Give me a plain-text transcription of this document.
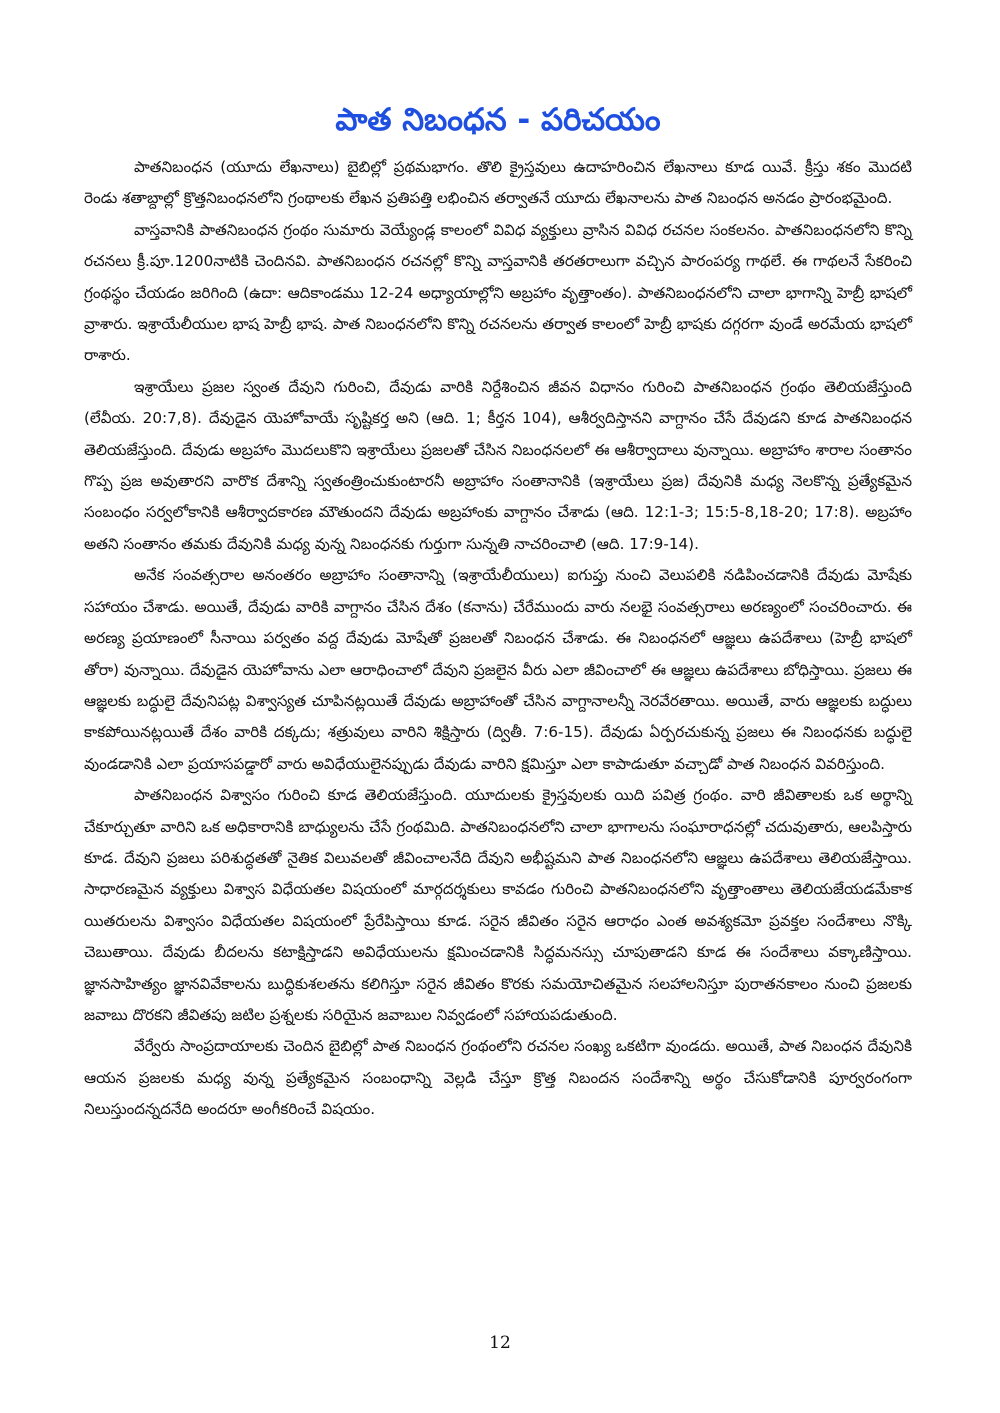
పాత నిబంధన - పరిచయం

పాతనిబంధన (యూదు లేఖనాలు) బైబిల్లో ప్రథమభాగం. తొలి క్రైస్తవులు ఉదాహరించిన లేఖనాలు కూడ యివే. క్రీస్తు శకం మొదటి రెండు శతాబ్దాల్లో క్రొత్తనిబంధనలోని గ్రంథాలకు లేఖన ప్రతిపత్తి లభించిన తర్వాతనే యూదు లేఖనాలను పాత నిబంధన అనడం ప్రారంభమైంది.

వాస్తవానికి పాతనిబంధన గ్రంథం సుమారు వెయ్యేండ్ల కాలంలో వివిధ వ్యక్తులు వ్రాసిన వివిధ రచనల సంకలనం. పాతనిబంధనలోని కొన్ని రచనలు క్రీ.పూ.1200నాటికి చెందినవి. పాతనిబంధన రచనల్లో కొన్ని వాస్తవానికి తరతరాలుగా వచ్చిన పారంపర్య గాథలే. ఈ గాథలనే సేకరించి గ్రంథస్థం చేయడం జరిగింది (ఉదా: ఆదికాండము 12-24 అధ్యాయాల్లోని అబ్రహాం వృత్తాంతం). పాతనిబంధనలోని చాలా భాగాన్ని హెబ్రీ భాషలో వ్రాశారు. ఇశ్రాయేలీయుల భాష హెబ్రీ భాష. పాత నిబంధనలోని కొన్ని రచనలను తర్వాత కాలంలో హెబ్రీ భాషకు దగ్గరగా వుండే అరమేయ భాషలో రాశారు.

ఇశ్రాయేలు ప్రజల స్వంత దేవుని గురించి, దేవుడు వారికి నిర్దేశించిన జీవన విధానం గురించి పాతనిబంధన గ్రంథం తెలియజేస్తుంది (లేవీయ. 20:7,8). దేవుడైన యెహోవాయే సృష్టికర్త అని (ఆది. 1; కీర్తన 104), ఆశీర్వదిస్తానని వాగ్దానం చేసే దేవుడని కూడ పాతనిబంధన తెలియజేస్తుంది. దేవుడు అబ్రహాం మొదలుకొని ఇశ్రాయేలు ప్రజలతో చేసిన నిబంధనలలో ఈ ఆశీర్వాదాలు వున్నాయి. అబ్రాహాం శారాల సంతానం గొప్ప ప్రజ అవుతారని వారొక దేశాన్ని స్వతంత్రించుకుంటారనీ అబ్రాహాం సంతానానికి (ఇశ్రాయేలు ప్రజ) దేవునికి మధ్య నెలకొన్న ప్రత్యేకమైన సంబంధం సర్వలోకానికి ఆశీర్వాదకారణ మౌతుందని దేవుడు అబ్రహాంకు వాగ్దానం చేశాడు (ఆది. 12:1-3; 15:5-8,18-20; 17:8). అబ్రహాం అతని సంతానం తమకు దేవునికి మధ్య వున్న నిబంధనకు గుర్తుగా సున్నతి నాచరించాలి (ఆది. 17:9-14).

అనేక సంవత్సరాల అనంతరం అబ్రాహాం సంతానాన్ని (ఇశ్రాయేలీయులు) ఐగుప్తు నుంచి వెలుపలికి నడిపించడానికి దేవుడు మోషేకు సహాయం చేశాడు. అయితే, దేవుడు వారికి వాగ్దానం చేసిన దేశం (కనాను) చేరేముందు వారు నలభై సంవత్సరాలు అరణ్యంలో సంచరించారు. ఈ అరణ్య ప్రయాణంలో సీనాయి పర్వతం వద్ద దేవుడు మోషేతో ప్రజలతో నిబంధన చేశాడు. ఈ నిబంధనలో ఆజ్ఞలు ఉపదేశాలు (హెబ్రీ భాషలో తోరా) వున్నాయి. దేవుడైన యెహోవాను ఎలా ఆరాధించాలో దేవుని ప్రజలైన వీరు ఎలా జీవించాలో ఈ ఆజ్ఞలు ఉపదేశాలు బోధిస్తాయి. ప్రజలు ఈ ఆజ్ఞలకు బద్ధులై దేవునిపట్ల విశ్వాస్యత చూపినట్లయితే దేవుడు అబ్రాహాంతో చేసిన వాగ్దానాలన్నీ నెరవేరతాయి. అయితే, వారు ఆజ్ఞలకు బద్ధులు కాకపోయినట్లయితే దేశం వారికి దక్కదు; శత్రువులు వారిని శిక్షిస్తారు (ద్వితీ. 7:6-15). దేవుడు ఏర్పరచుకున్న ప్రజలు ఈ నిబంధనకు బద్ధులై వుండడానికి ఎలా ప్రయాసపడ్డారో వారు అవిధేయులైనప్పుడు దేవుడు వారిని క్షమిస్తూ ఎలా కాపాడుతూ వచ్చాడో పాత నిబంధన వివరిస్తుంది.

పాతనిబంధన విశ్వాసం గురించి కూడ తెలియజేస్తుంది. యూదులకు క్రైస్తవులకు యిది పవిత్ర గ్రంథం. వారి జీవితాలకు ఒక అర్థాన్ని చేకూర్చుతూ వారిని ఒక అధికారానికి బాధ్యులను చేసే గ్రంథమిది. పాతనిబంధనలోని చాలా భాగాలను సంఘారాధనల్లో చదువుతారు, ఆలపిస్తారు కూడ. దేవుని ప్రజలు పరిశుద్ధతతో నైతిక విలువలతో జీవించాలనేది దేవుని అభీష్టమని పాత నిబంధనలోని ఆజ్ఞలు ఉపదేశాలు తెలియజేస్తాయి. సాధారణమైన వ్యక్తులు విశ్వాస విధేయతల విషయంలో మార్గదర్శకులు కావడం గురించి పాతనిబంధనలోని వృత్తాంతాలు తెలియజేయడమేకాక యితరులను విశ్వాసం విధేయతల విషయంలో ప్రేరేపిస్తాయి కూడ. సరైన జీవితం సరైన ఆరాధం ఎంత అవశ్యకమో ప్రవక్తల సందేశాలు నొక్కి చెబుతాయి. దేవుడు బీదలను కటాక్షిస్తాడని అవిధేయులను క్షమించడానికి సిద్ధమనస్సు చూపుతాడని కూడ ఈ సందేశాలు వక్కాణిస్తాయి. జ్ఞానసాహిత్యం జ్ఞానవివేకాలను బుద్ధికుశలతను కలిగిస్తూ సరైన జీవితం కొరకు సమయోచితమైన సలహాలనిస్తూ పురాతనకాలం నుంచి ప్రజలకు జవాబు దొరకని జీవితపు జటిల ప్రశ్నలకు సరియైన జవాబుల నివ్వడంలో సహాయపడుతుంది.

వేర్వేరు సాంప్రదాయాలకు చెందిన బైబిల్లో పాత నిబంధన గ్రంథంలోని రచనల సంఖ్య ఒకటిగా వుండదు. అయితే, పాత నిబంధన దేవునికి ఆయన ప్రజలకు మధ్య వున్న ప్రత్యేకమైన సంబంధాన్ని వెల్లడి చేస్తూ క్రొత్త నిబందన సందేశాన్ని అర్థం చేసుకోడానికి పూర్వరంగంగా నిలుస్తుందన్నదనేది అందరూ అంగీకరించే విషయం.

12
